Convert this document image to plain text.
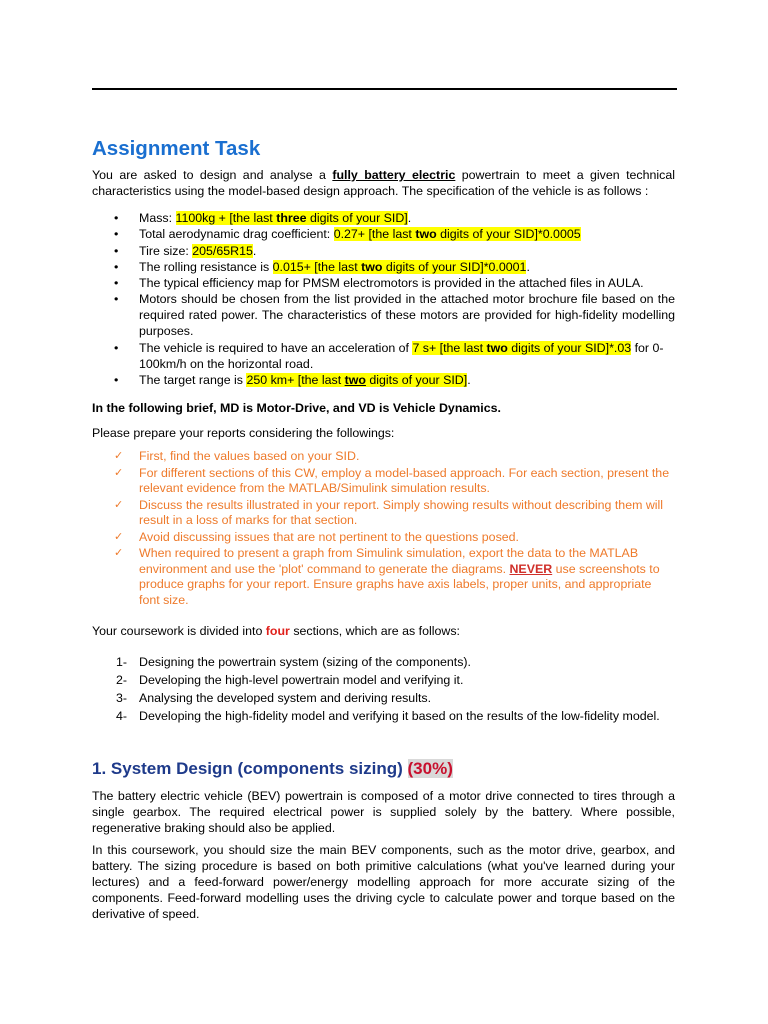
Assignment Task

You are asked to design and analyse a fully battery electric powertrain to meet a given technical characteristics using the model-based design approach. The specification of the vehicle is as follows :

• Mass: 1100kg + [the last three digits of your SID].
• Total aerodynamic drag coefficient: 0.27+ [the last two digits of your SID]*0.0005
• Tire size: 205/65R15.
• The rolling resistance is 0.015+ [the last two digits of your SID]*0.0001.
• The typical efficiency map for PMSM electromotors is provided in the attached files in AULA.
• Motors should be chosen from the list provided in the attached motor brochure file based on the required rated power. The characteristics of these motors are provided for high-fidelity modelling purposes.
• The vehicle is required to have an acceleration of 7 s+ [the last two digits of your SID]*.03 for 0-100km/h on the horizontal road.
• The target range is 250 km+ [the last two digits of your SID].

In the following brief, MD is Motor-Drive, and VD is Vehicle Dynamics.

Please prepare your reports considering the followings:

✓ First, find the values based on your SID.
✓ For different sections of this CW, employ a model-based approach. For each section, present the relevant evidence from the MATLAB/Simulink simulation results.
✓ Discuss the results illustrated in your report. Simply showing results without describing them will result in a loss of marks for that section.
✓ Avoid discussing issues that are not pertinent to the questions posed.
✓ When required to present a graph from Simulink simulation, export the data to the MATLAB environment and use the 'plot' command to generate the diagrams. NEVER use screenshots to produce graphs for your report. Ensure graphs have axis labels, proper units, and appropriate font size.

Your coursework is divided into four sections, which are as follows:

1- Designing the powertrain system (sizing of the components).
2- Developing the high-level powertrain model and verifying it.
3- Analysing the developed system and deriving results.
4- Developing the high-fidelity model and verifying it based on the results of the low-fidelity model.
1. System Design (components sizing) (30%)

The battery electric vehicle (BEV) powertrain is composed of a motor drive connected to tires through a single gearbox. The required electrical power is supplied solely by the battery. Where possible, regenerative braking should also be applied.

In this coursework, you should size the main BEV components, such as the motor drive, gearbox, and battery. The sizing procedure is based on both primitive calculations (what you've learned during your lectures) and a feed-forward power/energy modelling approach for more accurate sizing of the components. Feed-forward modelling uses the driving cycle to calculate power and torque based on the derivative of speed.
